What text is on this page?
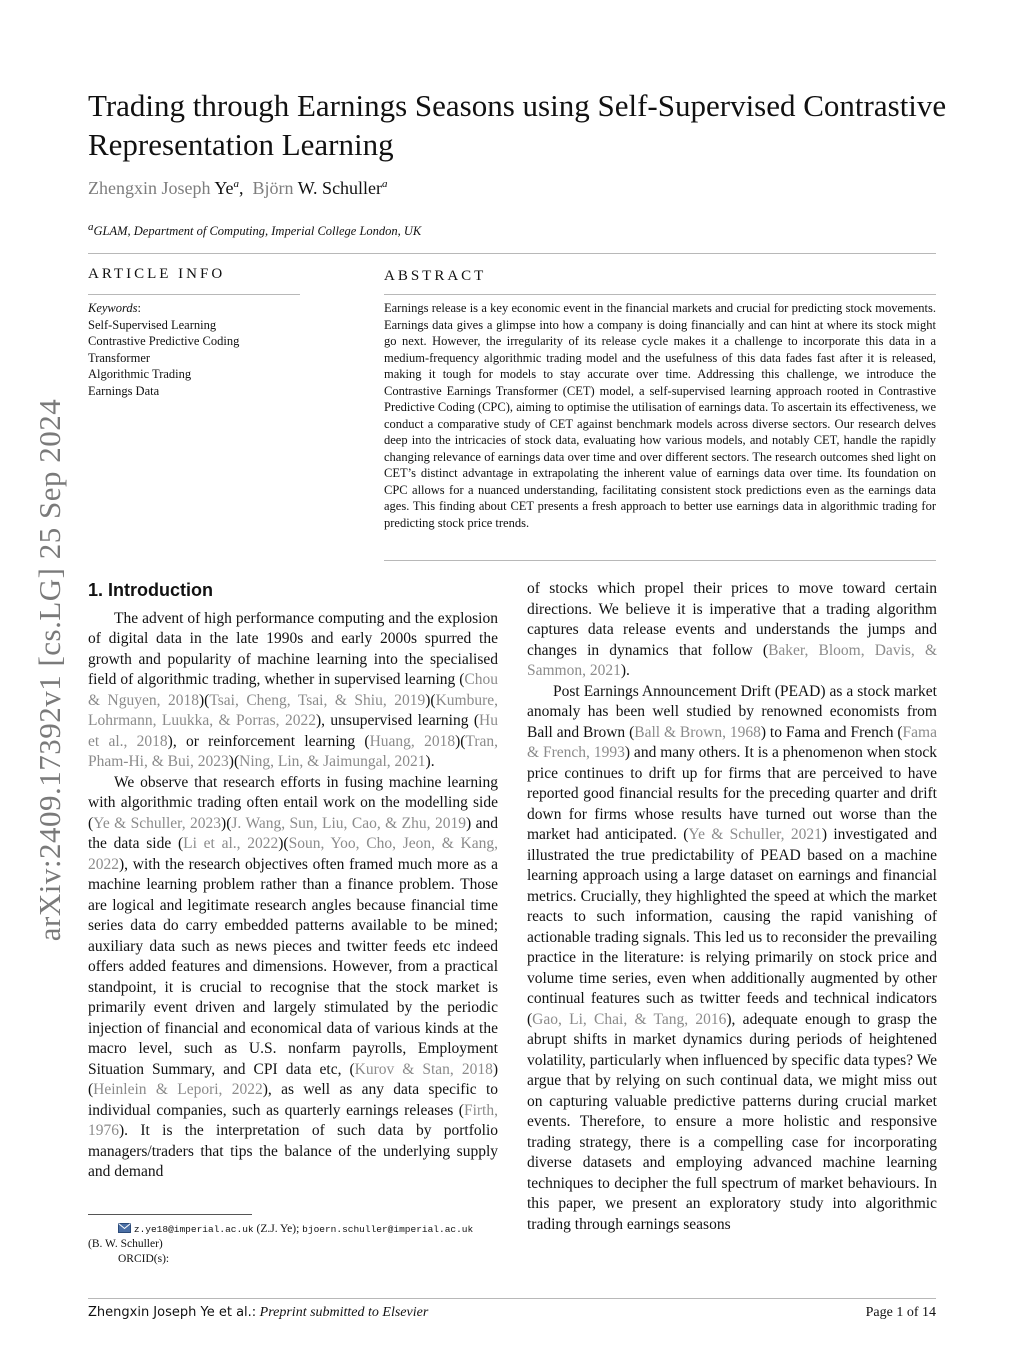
arXiv:2409.17392v1 [cs.LG] 25 Sep 2024
Trading through Earnings Seasons using Self-Supervised Contrastive Representation Learning
Zhengxin Joseph Ye$^a$, Björn W. Schuller$^a$
$^a$GLAM, Department of Computing, Imperial College London, UK
ARTICLE INFO
Keywords:
Self-Supervised Learning
Contrastive Predictive Coding
Transformer
Algorithmic Trading
Earnings Data
ABSTRACT
Earnings release is a key economic event in the financial markets and crucial for predicting stock movements. Earnings data gives a glimpse into how a company is doing financially and can hint at where its stock might go next. However, the irregularity of its release cycle makes it a challenge to incorporate this data in a medium-frequency algorithmic trading model and the usefulness of this data fades fast after it is released, making it tough for models to stay accurate over time. Addressing this challenge, we introduce the Contrastive Earnings Transformer (CET) model, a self-supervised learning approach rooted in Contrastive Predictive Coding (CPC), aiming to optimise the utilisation of earnings data. To ascertain its effectiveness, we conduct a comparative study of CET against benchmark models across diverse sectors. Our research delves deep into the intricacies of stock data, evaluating how various models, and notably CET, handle the rapidly changing relevance of earnings data over time and over different sectors. The research outcomes shed light on CET’s distinct advantage in extrapolating the inherent value of earnings data over time. Its foundation on CPC allows for a nuanced understanding, facilitating consistent stock predictions even as the earnings data ages. This finding about CET presents a fresh approach to better use earnings data in algorithmic trading for predicting stock price trends.
1. Introduction

The advent of high performance computing and the explosion of digital data in the late 1990s and early 2000s spurred the growth and popularity of machine learning into the specialised field of algorithmic trading, whether in supervised learning (Chou & Nguyen, 2018)(Tsai, Cheng, Tsai, & Shiu, 2019)(Kumbure, Lohrmann, Luukka, & Porras, 2022), unsupervised learning (Hu et al., 2018), or reinforcement learning (Huang, 2018)(Tran, Pham-Hi, & Bui, 2023)(Ning, Lin, & Jaimungal, 2021).

We observe that research efforts in fusing machine learning with algorithmic trading often entail work on the modelling side (Ye & Schuller, 2023)(J. Wang, Sun, Liu, Cao, & Zhu, 2019) and the data side (Li et al., 2022)(Soun, Yoo, Cho, Jeon, & Kang, 2022), with the research objectives often framed much more as a machine learning problem rather than a finance problem. Those are logical and legitimate research angles because financial time series data do carry embedded patterns available to be mined; auxiliary data such as news pieces and twitter feeds etc indeed offers added features and dimensions. However, from a practical standpoint, it is crucial to recognise that the stock market is primarily event driven and largely stimulated by the periodic injection of financial and economical data of various kinds at the macro level, such as U.S. nonfarm payrolls, Employment Situation Summary, and CPI data etc, (Kurov & Stan, 2018)(Heinlein & Lepori, 2022), as well as any data specific to individual companies, such as quarterly earnings releases (Firth, 1976). It is the interpretation of such data by portfolio managers/traders that tips the balance of the underlying supply and demand

z.ye18@imperial.ac.uk (Z.J. Ye); bjoern.schuller@imperial.ac.uk
(B. W. Schuller)
ORCID(s):

of stocks which propel their prices to move toward certain directions. We believe it is imperative that a trading algorithm captures data release events and understands the jumps and changes in dynamics that follow (Baker, Bloom, Davis, & Sammon, 2021).

Post Earnings Announcement Drift (PEAD) as a stock market anomaly has been well studied by renowned economists from Ball and Brown (Ball & Brown, 1968) to Fama and French (Fama & French, 1993) and many others. It is a phenomenon when stock price continues to drift up for firms that are perceived to have reported good financial results for the preceding quarter and drift down for firms whose results have turned out worse than the market had anticipated. (Ye & Schuller, 2021) investigated and illustrated the true predictability of PEAD based on a machine learning approach using a large dataset on earnings and financial metrics. Crucially, they highlighted the speed at which the market reacts to such information, causing the rapid vanishing of actionable trading signals. This led us to reconsider the prevailing practice in the literature: is relying primarily on stock price and volume time series, even when additionally augmented by other continual features such as twitter feeds and technical indicators (Gao, Li, Chai, & Tang, 2016), adequate enough to grasp the abrupt shifts in market dynamics during periods of heightened volatility, particularly when influenced by specific data types? We argue that by relying on such continual data, we might miss out on capturing valuable predictive patterns during crucial market events. Therefore, to ensure a more holistic and responsive trading strategy, there is a compelling case for incorporating diverse datasets and employing advanced machine learning techniques to decipher the full spectrum of market behaviours. In this paper, we present an exploratory study into algorithmic trading through earnings seasons

Zhengxin Joseph Ye et al.: Preprint submitted to Elsevier	Page 1 of 14
